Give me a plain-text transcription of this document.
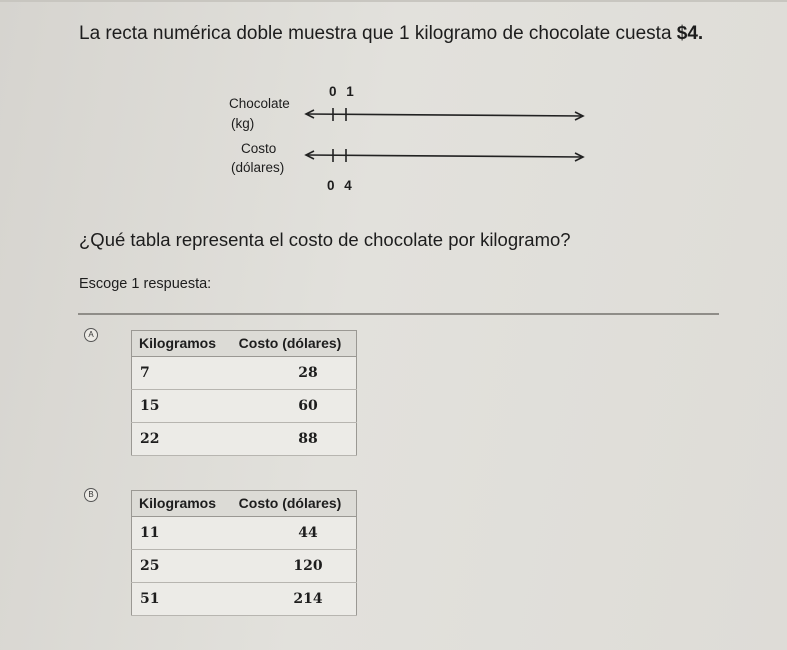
La recta numérica doble muestra que 1 kilogramo de chocolate cuesta $4.
0 1
Chocolate
(kg)
Costo
(dólares)
0 4
¿Qué tabla representa el costo de chocolate por kilogramo?
Escoge 1 respuesta:
A
Kilogramos	Costo (dólares)
7	28
15	60
22	88
B
Kilogramos	Costo (dólares)
11	44
25	120
51	214
